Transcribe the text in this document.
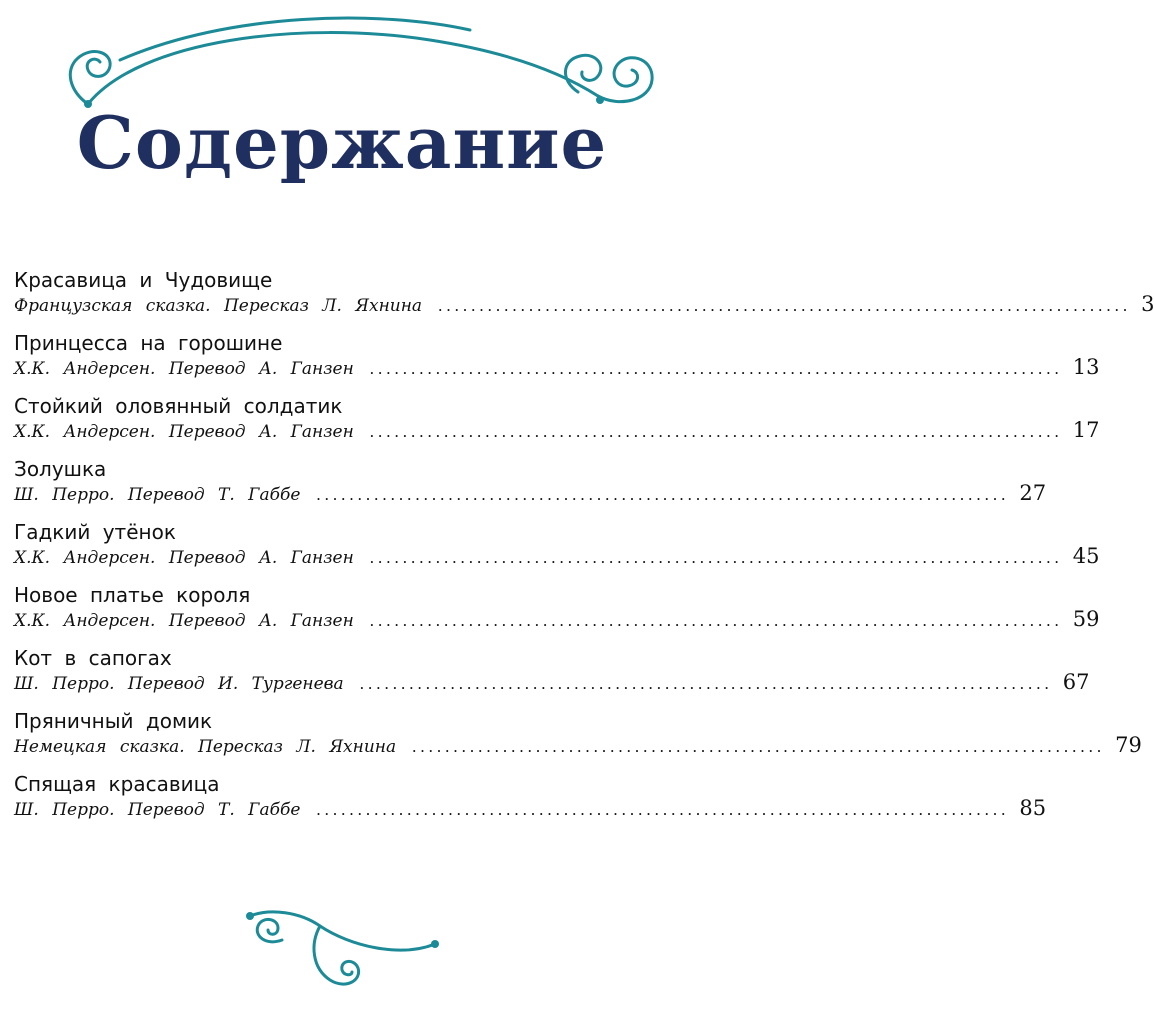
Содержание
Красавица и Чудовище
Французская сказка. Пересказ Л. Яхнина .................................................................................... 3
Принцесса на горошине
Х.К. Андерсен. Перевод А. Ганзен .................................................................................... 13
Стойкий оловянный солдатик
Х.К. Андерсен. Перевод А. Ганзен .................................................................................... 17
Золушка
Ш. Перро. Перевод Т. Габбе .................................................................................... 27
Гадкий утёнок
Х.К. Андерсен. Перевод А. Ганзен .................................................................................... 45
Новое платье короля
Х.К. Андерсен. Перевод А. Ганзен .................................................................................... 59
Кот в сапогах
Ш. Перро. Перевод И. Тургенева .................................................................................... 67
Пряничный домик
Немецкая сказка. Пересказ Л. Яхнина .................................................................................... 79
Спящая красавица
Ш. Перро. Перевод Т. Габбе .................................................................................... 85
